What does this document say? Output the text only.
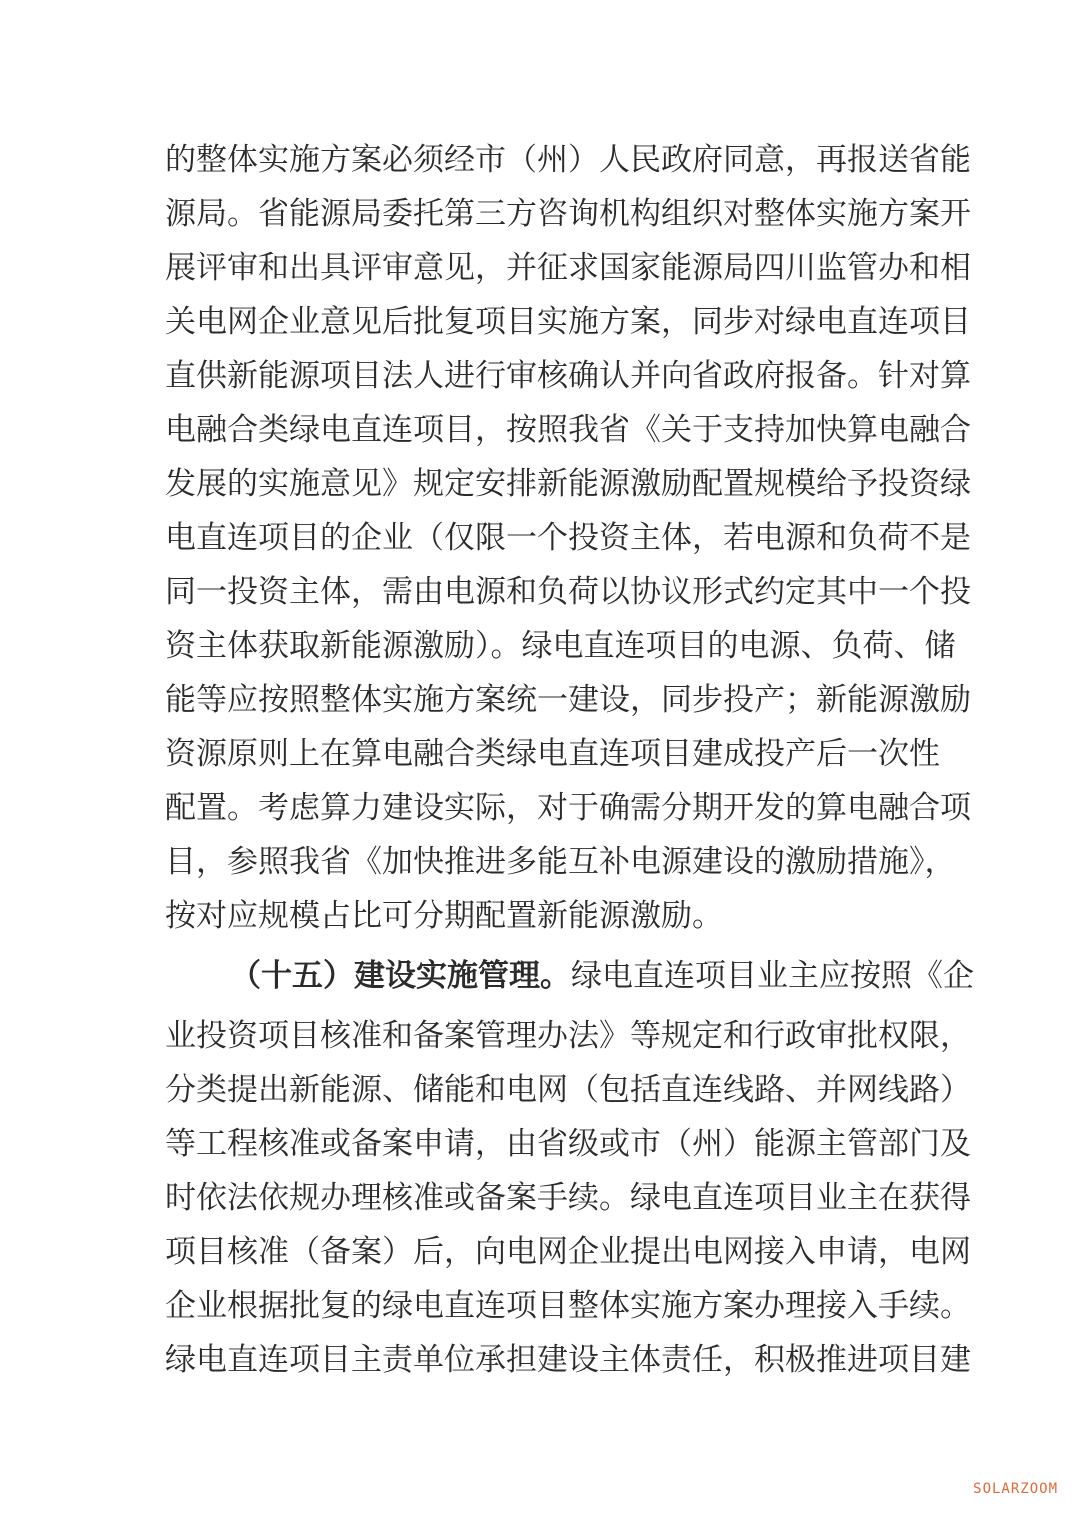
的整体实施方案必须经市（州）人民政府同意，再报送省能
源局。省能源局委托第三方咨询机构组织对整体实施方案开
展评审和出具评审意见，并征求国家能源局四川监管办和相
关电网企业意见后批复项目实施方案，同步对绿电直连项目
直供新能源项目法人进行审核确认并向省政府报备。针对算
电融合类绿电直连项目，按照我省《关于支持加快算电融合
发展的实施意见》规定安排新能源激励配置规模给予投资绿
电直连项目的企业（仅限一个投资主体，若电源和负荷不是
同一投资主体，需由电源和负荷以协议形式约定其中一个投
资主体获取新能源激励）。绿电直连项目的电源、负荷、储
能等应按照整体实施方案统一建设，同步投产；新能源激励
资源原则上在算电融合类绿电直连项目建成投产后一次性
配置。考虑算力建设实际，对于确需分期开发的算电融合项
目，参照我省《加快推进多能互补电源建设的激励措施》，
按对应规模占比可分期配置新能源激励。
（十五）建设实施管理。绿电直连项目业主应按照《企
业投资项目核准和备案管理办法》等规定和行政审批权限，
分类提出新能源、储能和电网（包括直连线路、并网线路）
等工程核准或备案申请，由省级或市（州）能源主管部门及
时依法依规办理核准或备案手续。绿电直连项目业主在获得
项目核准（备案）后，向电网企业提出电网接入申请，电网
企业根据批复的绿电直连项目整体实施方案办理接入手续。
绿电直连项目主责单位承担建设主体责任，积极推进项目建
SOLARZOOM
